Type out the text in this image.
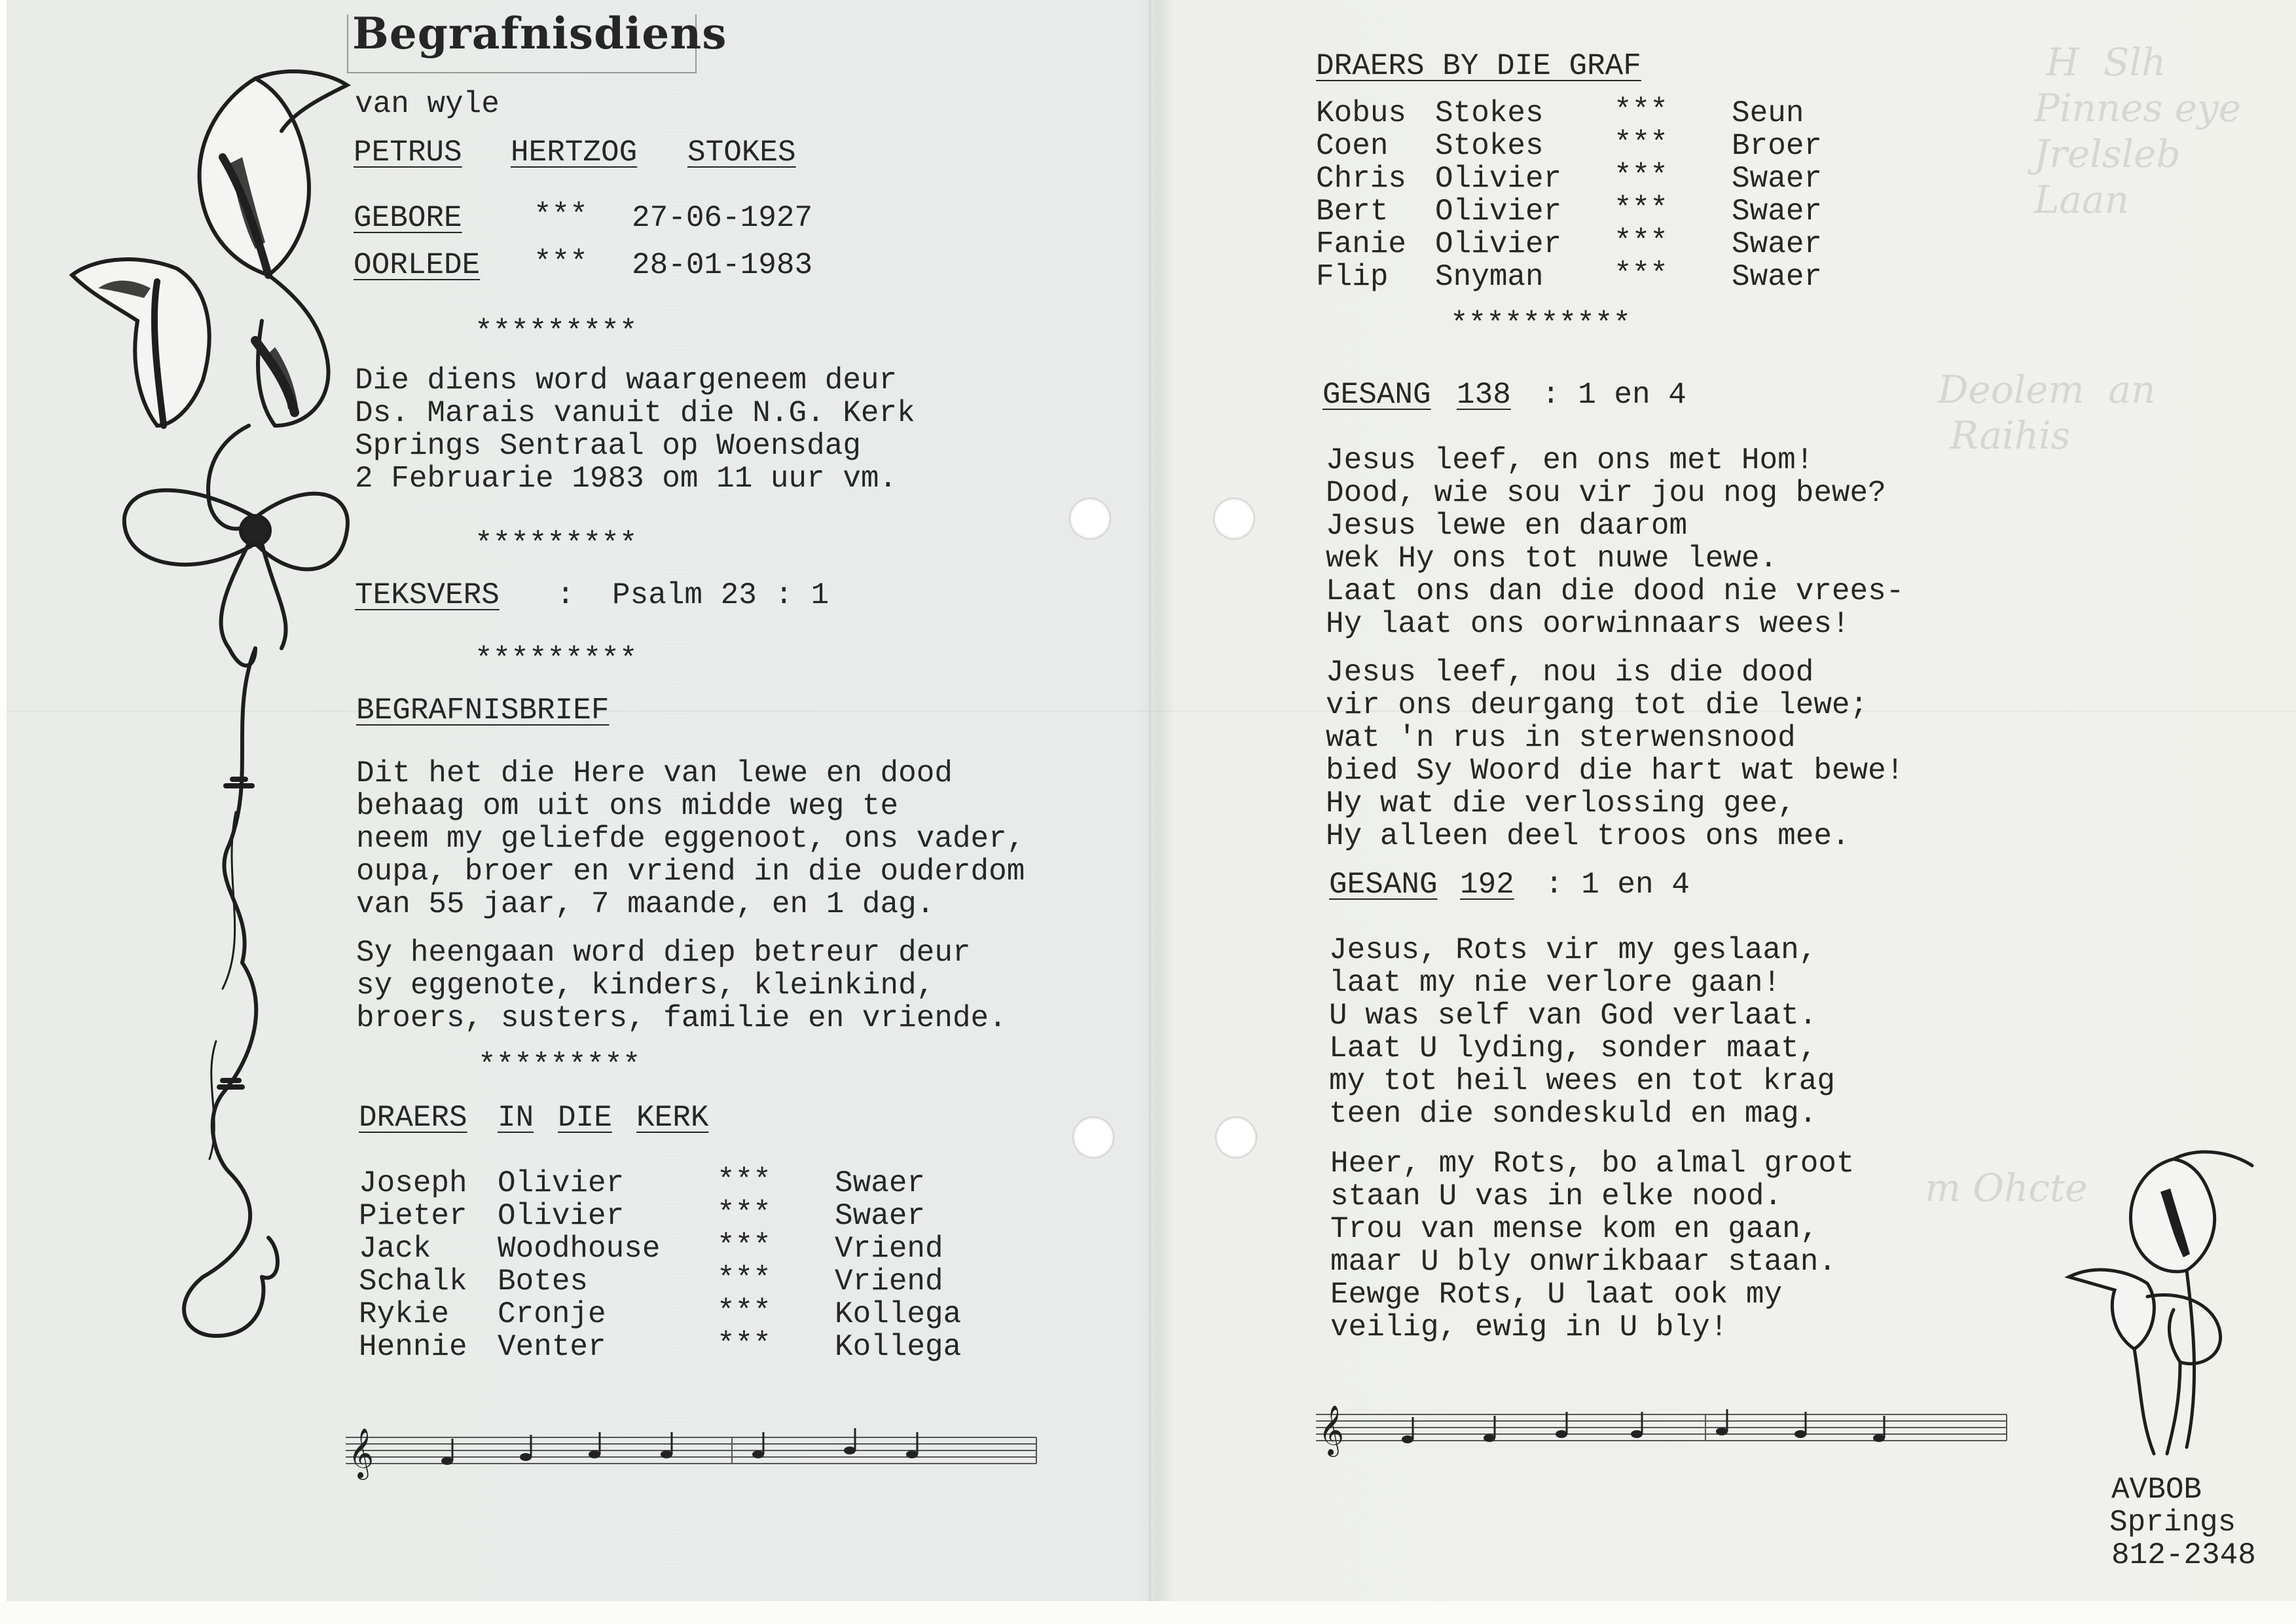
H  Slh
Pinnes eye
Jrelsleb
Laan
Deolem  an
Raihis
m Ohcte
Begrafnisdiens
van wyle
PETRUS HERTZOG STOKES
GEBORE *** 27-06-1927
OORLEDE *** 28-01-1983
*********
Die diens word waargeneem deur
Ds. Marais vanuit die N.G. Kerk
Springs Sentraal op Woensdag
2 Februarie 1983 om 11 uur vm.
*********
TEKSVERS : Psalm 23 : 1
*********
BEGRAFNISBRIEF
Dit het die Here van lewe en dood
behaag om uit ons midde weg te
neem my geliefde eggenoot, ons vader,
oupa, broer en vriend in die ouderdom
van 55 jaar, 7 maande, en 1 dag.
Sy heengaan word diep betreur deur
sy eggenote, kinders, kleinkind,
broers, susters, familie en vriende.
*********
DRAERS IN DIE KERK
Joseph Olivier	*** Swaer
Pieter Olivier	*** Swaer
Jack Woodhouse *** Vriend
Schalk Botes	*** Vriend
Rykie Cronje	*** Kollega
Hennie Venter	*** Kollega
𝄞
DRAERS BY DIE GRAF
Kobus Stokes *** Seun
Coen Stokes *** Broer
Chris Olivier *** Swaer
Bert Olivier *** Swaer
Fanie Olivier *** Swaer
Flip Snyman *** Swaer
**********
GESANG 138 : 1 en 4
Jesus leef, en ons met Hom!
Dood, wie sou vir jou nog bewe?
Jesus lewe en daarom
wek Hy ons tot nuwe lewe.
Laat ons dan die dood nie vrees-
Hy laat ons oorwinnaars wees!
Jesus leef, nou is die dood
vir ons deurgang tot die lewe;
wat 'n rus in sterwensnood
bied Sy Woord die hart wat bewe!
Hy wat die verlossing gee,
Hy alleen deel troos ons mee.
GESANG 192 : 1 en 4
Jesus, Rots vir my geslaan,
laat my nie verlore gaan!
U was self van God verlaat.
Laat U lyding, sonder maat,
my tot heil wees en tot krag
teen die sondeskuld en mag.
Heer, my Rots, bo almal groot
staan U vas in elke nood.
Trou van mense kom en gaan,
maar U bly onwrikbaar staan.
Eewge Rots, U laat ook my
veilig, ewig in U bly!
𝄞
AVBOB
Springs
812-2348
